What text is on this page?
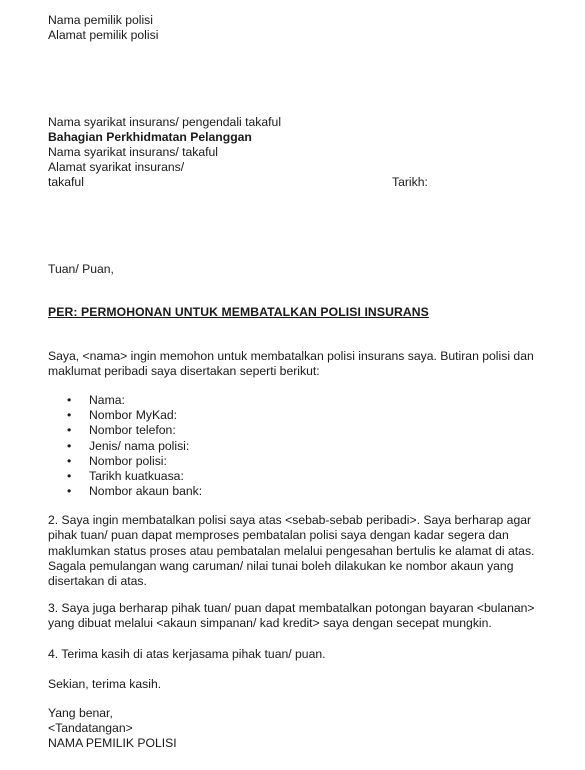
Nama pemilik polisi
Alamat pemilik polisi
Nama syarikat insurans/ pengendali takaful
Bahagian Perkhidmatan Pelanggan
Nama syarikat insurans/ takaful
Alamat syarikat insurans/
takaful	Tarikh:
Tuan/ Puan,
PER: PERMOHONAN UNTUK MEMBATALKAN POLISI INSURANS
Saya, <nama> ingin memohon untuk membatalkan polisi insurans saya. Butiran polisi dan
maklumat peribadi saya disertakan seperti berikut:
• Nama:
• Nombor MyKad:
• Nombor telefon:
• Jenis/ nama polisi:
• Nombor polisi:
• Tarikh kuatkuasa:
• Nombor akaun bank:
2. Saya ingin membatalkan polisi saya atas <sebab-sebab peribadi>. Saya berharap agar
pihak tuan/ puan dapat memproses pembatalan polisi saya dengan kadar segera dan
maklumkan status proses atau pembatalan melalui pengesahan bertulis ke alamat di atas.
Sagala pemulangan wang caruman/ nilai tunai boleh dilakukan ke nombor akaun yang
disertakan di atas.
3. Saya juga berharap pihak tuan/ puan dapat membatalkan potongan bayaran <bulanan>
yang dibuat melalui <akaun simpanan/ kad kredit> saya dengan secepat mungkin.
4. Terima kasih di atas kerjasama pihak tuan/ puan.
Sekian, terima kasih.
Yang benar,
<Tandatangan>
NAMA PEMILIK POLISI
